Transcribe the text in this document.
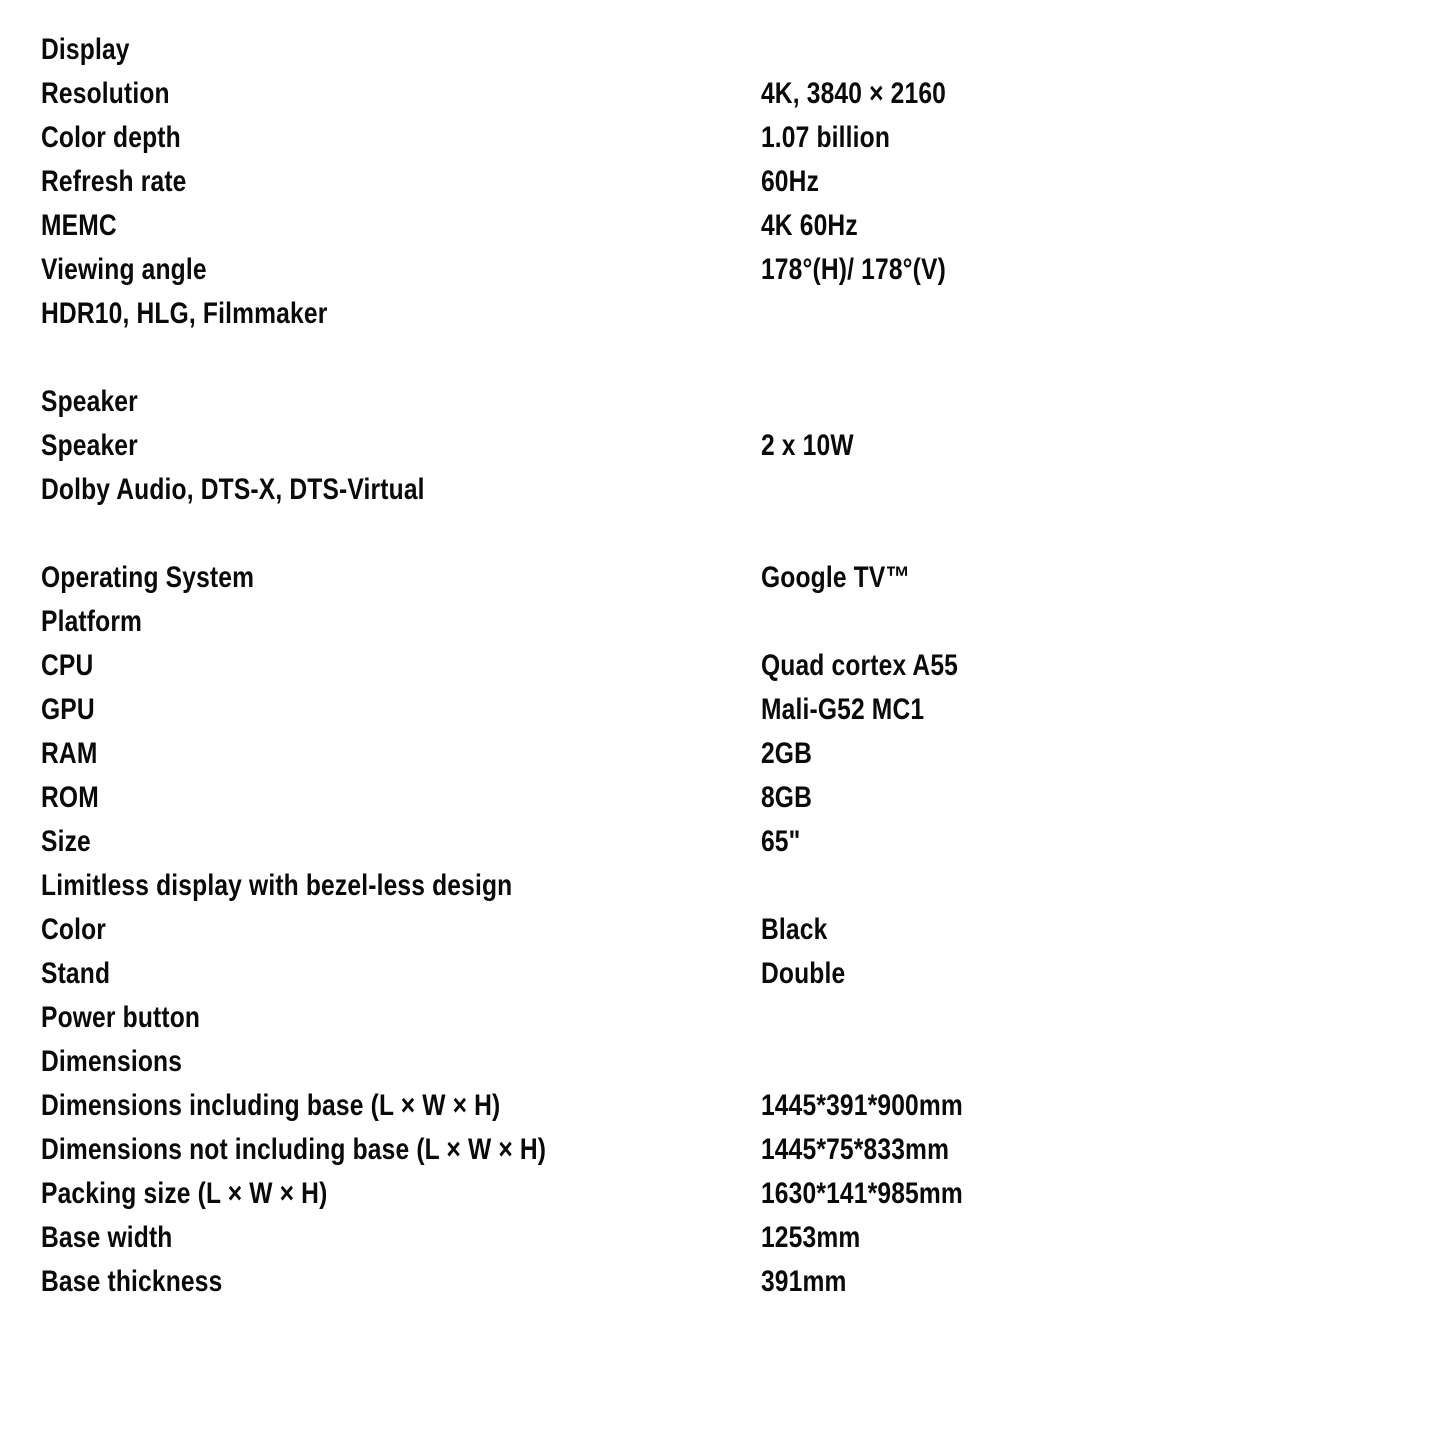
Display
Resolution	4K, 3840 × 2160
Color depth	1.07 billion
Refresh rate	60Hz
MEMC	4K 60Hz
Viewing angle	178°(H)/ 178°(V)
HDR10, HLG, Filmmaker
Speaker
Speaker	2 x 10W
Dolby Audio, DTS-X, DTS-Virtual
Operating System	Google TV™
Platform
CPU	Quad cortex A55
GPU	Mali-G52 MC1
RAM	2GB
ROM	8GB
Size	65"
Limitless display with bezel-less design
Color	Black
Stand	Double
Power button
Dimensions
Dimensions including base (L × W × H)	1445*391*900mm
Dimensions not including base (L × W × H)	1445*75*833mm
Packing size (L × W × H)	1630*141*985mm
Base width	1253mm
Base thickness	391mm
